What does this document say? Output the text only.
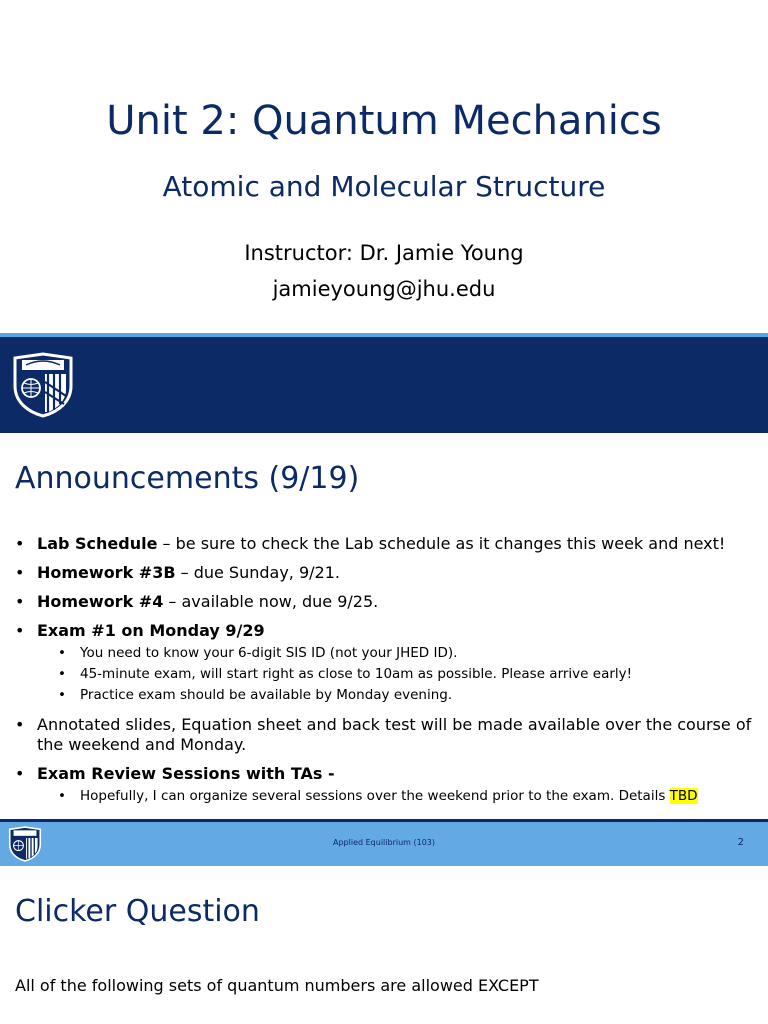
Unit 2: Quantum Mechanics
Atomic and Molecular Structure
Instructor: Dr. Jamie Young
jamieyoung@jhu.edu
Announcements (9/19)
• Lab Schedule – be sure to check the Lab schedule as it changes this week and next!
• Homework #3B – due Sunday, 9/21.
• Homework #4 – available now, due 9/25.
• Exam #1 on Monday 9/29
• You need to know your 6-digit SIS ID (not your JHED ID).
• 45-minute exam, will start right as close to 10am as possible. Please arrive early!
• Practice exam should be available by Monday evening.
• Annotated slides, Equation sheet and back test will be made available over the course of the weekend and Monday.
• Exam Review Sessions with TAs -
• Hopefully, I can organize several sessions over the weekend prior to the exam. Details TBD
Applied Equilibrium (103)	2
Clicker Question
All of the following sets of quantum numbers are allowed EXCEPT
